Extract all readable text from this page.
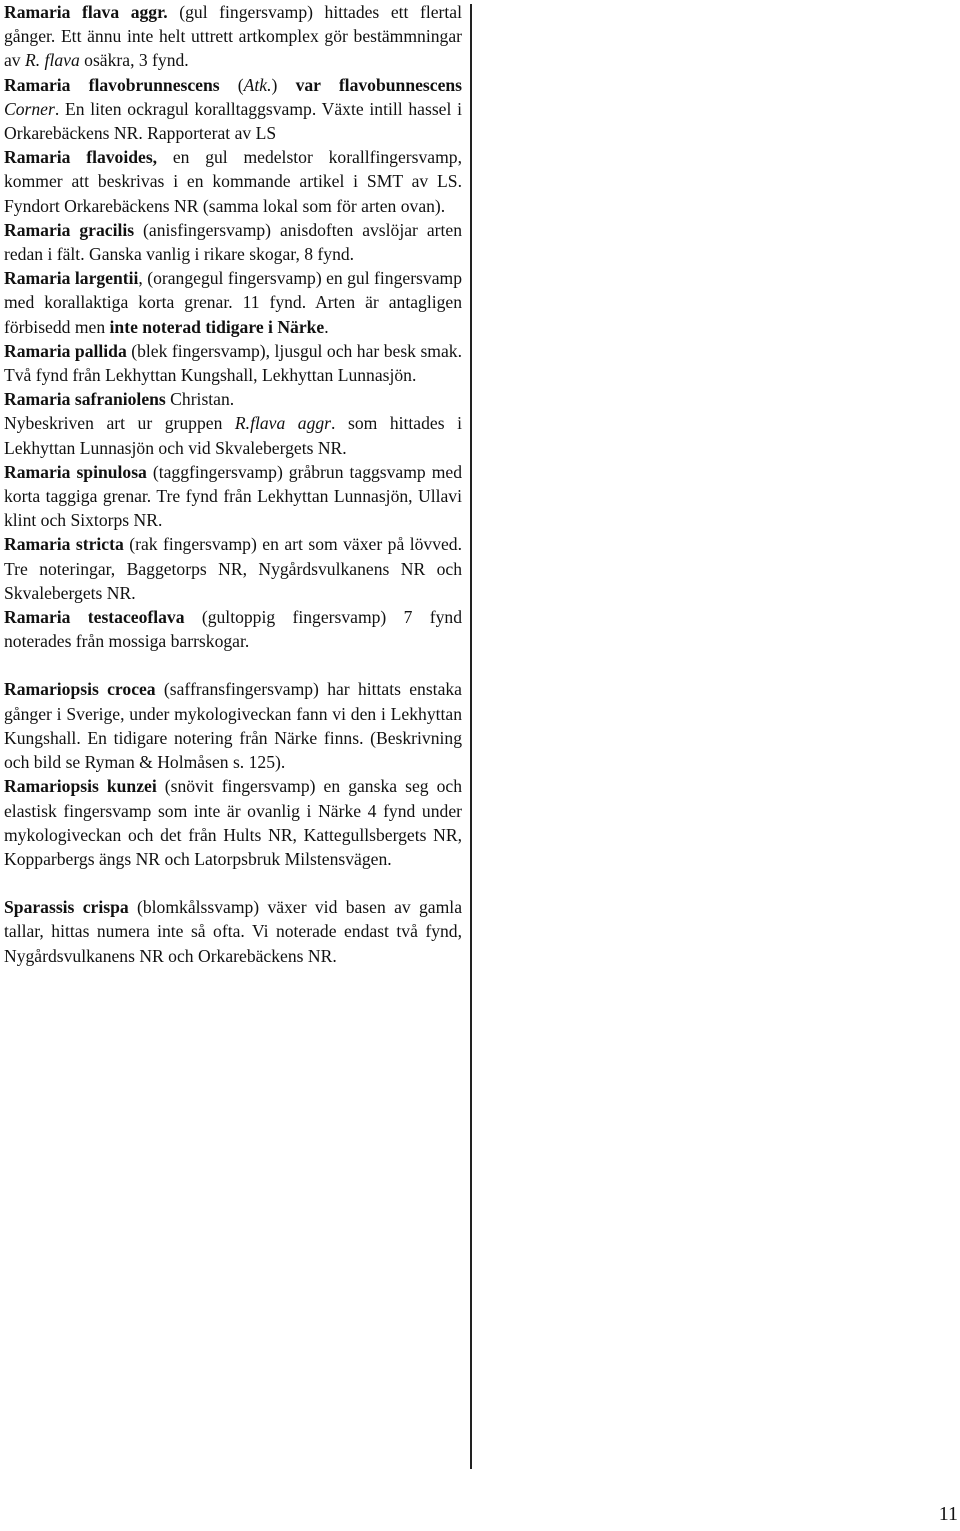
Ramaria flava aggr. (gul fingersvamp) hittades ett flertal gånger. Ett ännu inte helt uttrett artkomplex gör bestämmningar av R. flava osäkra, 3 fynd.

Ramaria flavobrunnescens (Atk.) var flavobunnescens Corner. En liten ockragul koralltaggsvamp. Växte intill hassel i Orkarebäckens NR. Rapporterat av LS

Ramaria flavoides, en gul medelstor korallfingersvamp, kommer att beskrivas i en kommande artikel i SMT av LS. Fyndort Orkarebäckens NR (samma lokal som för arten ovan).

Ramaria gracilis (anisfingersvamp) anisdoften avslöjar arten redan i fält. Ganska vanlig i rikare skogar, 8 fynd.

Ramaria largentii, (orangegul fingersvamp) en gul fingersvamp med korallaktiga korta grenar. 11 fynd. Arten är antagligen förbisedd men inte noterad tidigare i Närke.

Ramaria pallida (blek fingersvamp), ljusgul och har besk smak. Två fynd från Lekhyttan Kungshall, Lekhyttan Lunnasjön.

Ramaria safraniolens Christan.

Nybeskriven art ur gruppen R.flava aggr. som hittades i Lekhyttan Lunnasjön och vid Skvalebergets NR.

Ramaria spinulosa (taggfingersvamp) gråbrun taggsvamp med korta taggiga grenar. Tre fynd från Lekhyttan Lunnasjön, Ullavi klint och Sixtorps NR.

Ramaria stricta (rak fingersvamp) en art som växer på lövved. Tre noteringar, Baggetorps NR, Nygårdsvulkanens NR och Skvalebergets NR.

Ramaria testaceoflava (gultoppig fingersvamp) 7 fynd noterades från mossiga barrskogar.

Ramariopsis crocea (saffransfingersvamp) har hittats enstaka gånger i Sverige, under mykologiveckan fann vi den i Lekhyttan Kungshall. En tidigare notering från Närke finns. (Beskrivning och bild se Ryman & Holmåsen s. 125).

Ramariopsis kunzei (snövit fingersvamp) en ganska seg och elastisk fingersvamp som inte är ovanlig i Närke 4 fynd under mykologiveckan och det från Hults NR, Kattegullsbergets NR, Kopparbergs ängs NR och Latorpsbruk Milstensvägen.

Sparassis crispa (blomkålssvamp) växer vid basen av gamla tallar, hittas numera inte så ofta. Vi noterade endast två fynd, Nygårdsvulkanens NR och Orkarebäckens NR.

11
